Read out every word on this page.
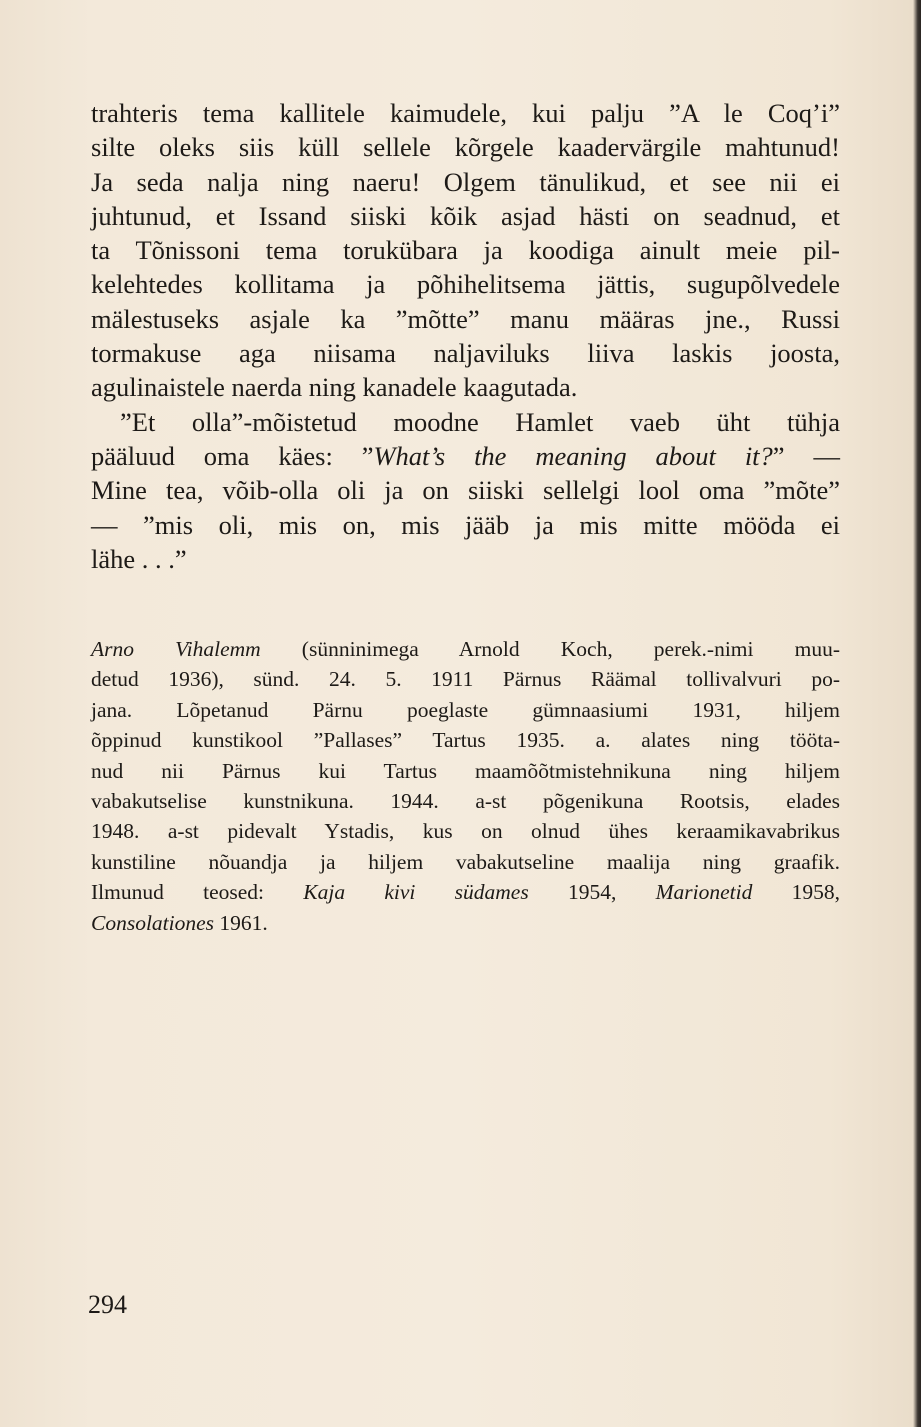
trahteris tema kallitele kaimudele, kui palju ”A le Coq’i”
silte oleks siis küll sellele kõrgele kaadervärgile mahtunud!
Ja seda nalja ning naeru! Olgem tänulikud, et see nii ei
juhtunud, et Issand siiski kõik asjad hästi on seadnud, et
ta Tõnissoni tema torukübara ja koodiga ainult meie pil-
kelehtedes kollitama ja põhihelitsema jättis, sugupõlvedele
mälestuseks asjale ka ”mõtte” manu määras jne., Russi
tormakuse aga niisama naljaviluks liiva laskis joosta,
agulinaistele naerda ning kanadele kaagutada.
”Et olla”-mõistetud moodne Hamlet vaeb üht tühja
pääluud oma käes: ”What’s the meaning about it?” —
Mine tea, võib-olla oli ja on siiski sellelgi lool oma ”mõte”
— ”mis oli, mis on, mis jääb ja mis mitte mööda ei
lähe . . .”
Arno Vihalemm (sünninimega Arnold Koch, perek.-nimi muu-
detud 1936), sünd. 24. 5. 1911 Pärnus Räämal tollivalvuri po-
jana. Lõpetanud Pärnu poeglaste gümnaasiumi 1931, hiljem
õppinud kunstikool ”Pallases” Tartus 1935. a. alates ning tööta-
nud nii Pärnus kui Tartus maamõõtmistehnikuna ning hiljem
vabakutselise kunstnikuna. 1944. a-st põgenikuna Rootsis, elades
1948. a-st pidevalt Ystadis, kus on olnud ühes keraamikavabrikus
kunstiline nõuandja ja hiljem vabakutseline maalija ning graafik.
Ilmunud teosed: Kaja kivi südames 1954, Marionetid 1958,
Consolationes 1961.
294
